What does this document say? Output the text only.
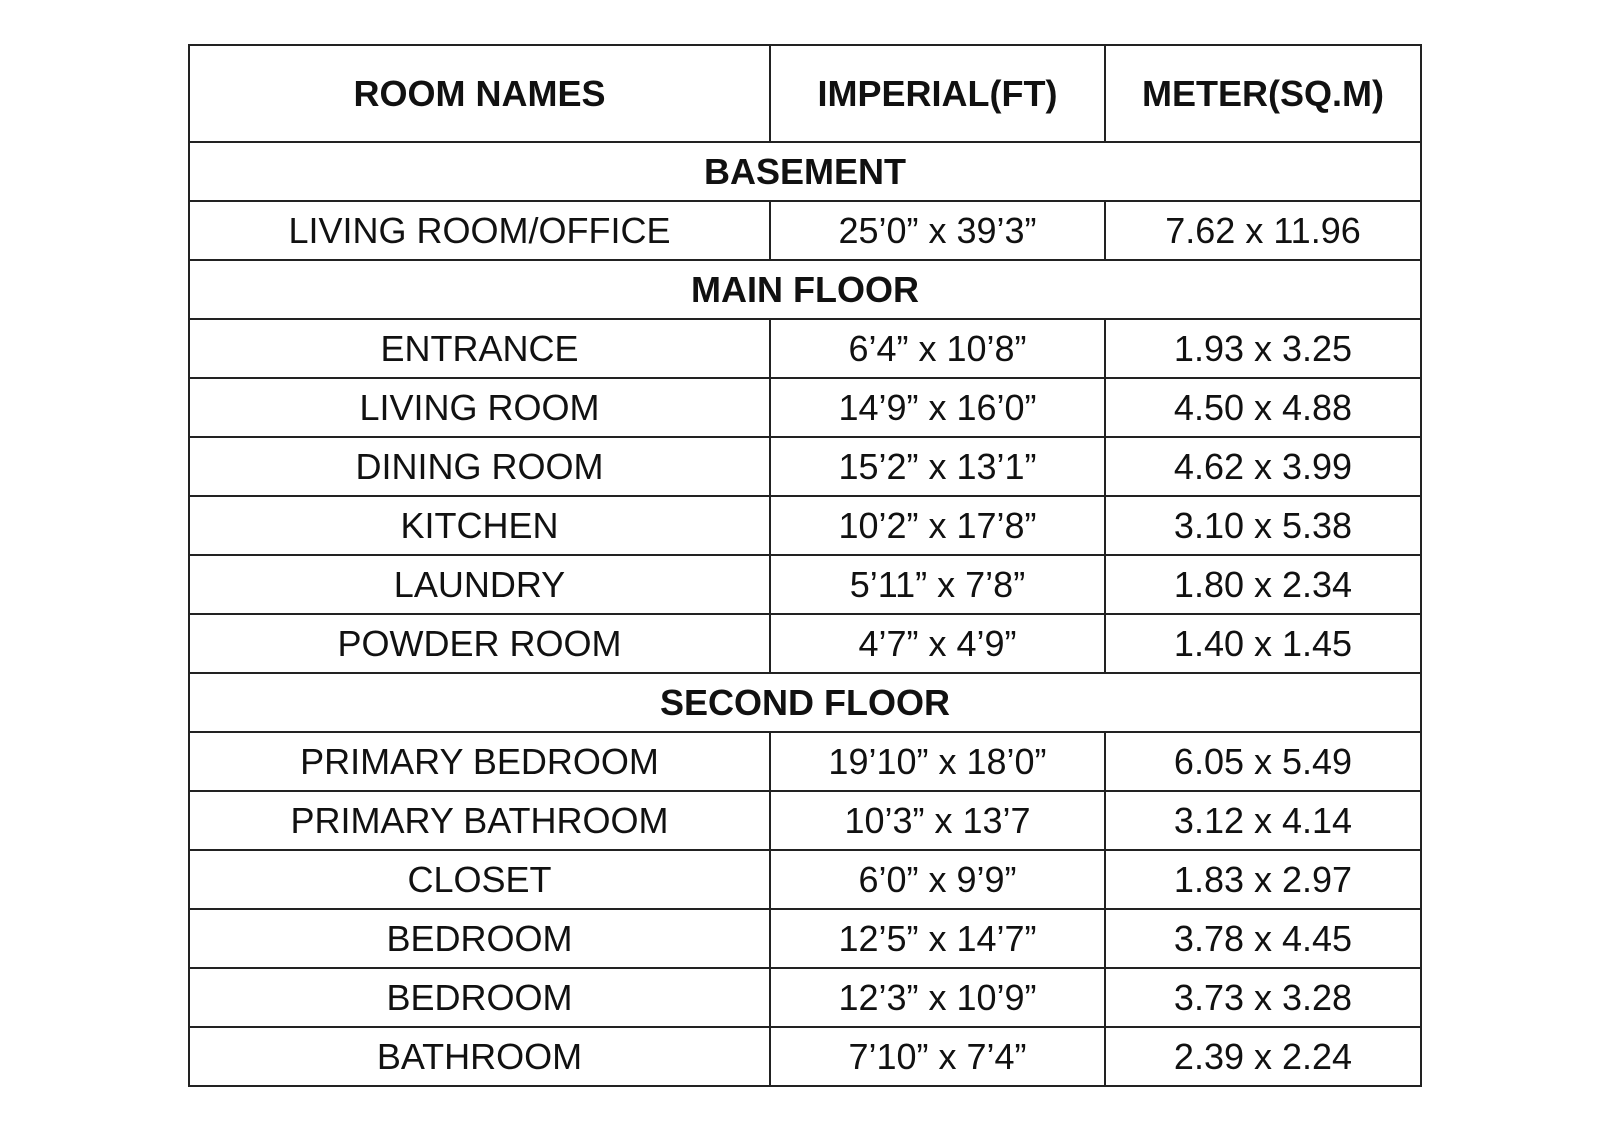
ROOM NAMES	IMPERIAL(FT)	METER(SQ.M)
BASEMENT		
LIVING ROOM/OFFICE	25’0” x 39’3”	7.62 x 11.96
MAIN FLOOR		
ENTRANCE	6’4” x 10’8”	1.93 x 3.25
LIVING ROOM	14’9” x 16’0”	4.50 x 4.88
DINING ROOM	15’2” x 13’1”	4.62 x 3.99
KITCHEN	10’2” x 17’8”	3.10 x 5.38
LAUNDRY	5’11” x 7’8”	1.80 x 2.34
POWDER ROOM	4’7” x 4’9”	1.40 x 1.45
SECOND FLOOR		
PRIMARY BEDROOM	19’10” x 18’0”	6.05 x 5.49
PRIMARY BATHROOM	10’3” x 13’7	3.12 x 4.14
CLOSET	6’0” x 9’9”	1.83 x 2.97
BEDROOM	12’5” x 14’7”	3.78 x 4.45
BEDROOM	12’3” x 10’9”	3.73 x 3.28
BATHROOM	7’10” x 7’4”	2.39 x 2.24
